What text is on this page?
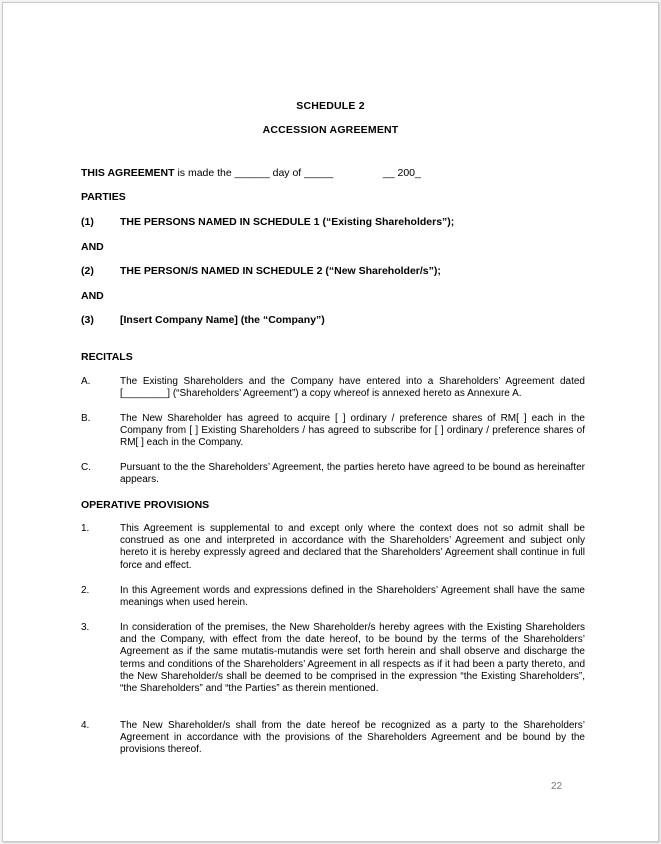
SCHEDULE 2
ACCESSION AGREEMENT
THIS AGREEMENT is made the ______ day of _____                 __ 200_
PARTIES
(1) THE PERSONS NAMED IN SCHEDULE 1 (“Existing Shareholders”);
AND
(2) THE PERSON/S NAMED IN SCHEDULE 2 (“New Shareholder/s”);
AND
(3) [Insert Company Name] (the “Company”)
RECITALS
A.	The Existing Shareholders and the Company have entered into a Shareholders’ Agreement dated [________] (“Shareholders’ Agreement”) a copy whereof is annexed hereto as Annexure A.
B.	The New Shareholder has agreed to acquire [ ] ordinary / preference shares of RM[ ] each in the Company from [ ] Existing Shareholders / has agreed to subscribe for [ ] ordinary / preference shares of RM[ ] each in the Company.
C.	Pursuant to the the Shareholders’ Agreement, the parties hereto have agreed to be bound as hereinafter appears.
OPERATIVE PROVISIONS
1.	This Agreement is supplemental to and except only where the context does not so admit shall be construed as one and interpreted in accordance with the Shareholders’ Agreement and subject only hereto it is hereby expressly agreed and declared that the Shareholders’ Agreement shall continue in full force and effect.
2.	In this Agreement words and expressions defined in the Shareholders’ Agreement shall have the same meanings when used herein.
3.	In consideration of the premises, the New Shareholder/s hereby agrees with the Existing Shareholders and the Company, with effect from the date hereof, to be bound by the terms of the Shareholders’ Agreement as if the same mutatis-mutandis were set forth herein and shall observe and discharge the terms and conditions of the Shareholders’ Agreement in all respects as if it had been a party thereto, and the New Shareholder/s shall be deemed to be comprised in the expression “the Existing Shareholders”, “the Shareholders” and “the Parties” as therein mentioned.
4.	The New Shareholder/s shall from the date hereof be recognized as a party to the Shareholders’ Agreement in accordance with the provisions of the Shareholders Agreement and be bound by the provisions thereof.
22
